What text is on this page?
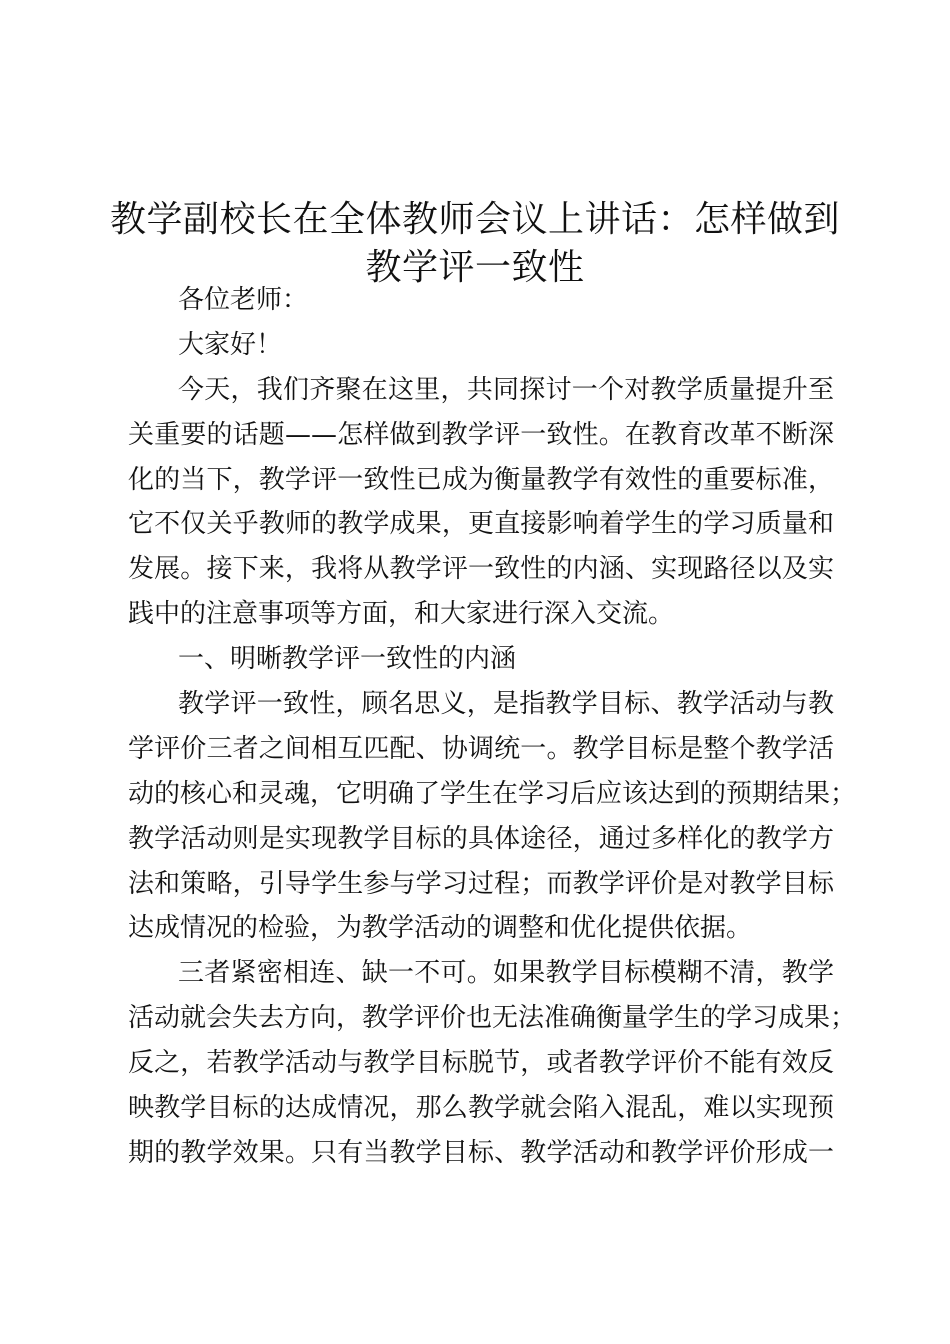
教学副校长在全体教师会议上讲话：怎样做到
教学评一致性
各位老师：
大家好！
今天，我们齐聚在这里，共同探讨一个对教学质量提升至
关重要的话题——怎样做到教学评一致性。在教育改革不断深
化的当下，教学评一致性已成为衡量教学有效性的重要标准，
它不仅关乎教师的教学成果，更直接影响着学生的学习质量和
发展。接下来，我将从教学评一致性的内涵、实现路径以及实
践中的注意事项等方面，和大家进行深入交流。
一、明晰教学评一致性的内涵
教学评一致性，顾名思义，是指教学目标、教学活动与教
学评价三者之间相互匹配、协调统一。教学目标是整个教学活
动的核心和灵魂，它明确了学生在学习后应该达到的预期结果；
教学活动则是实现教学目标的具体途径，通过多样化的教学方
法和策略，引导学生参与学习过程；而教学评价是对教学目标
达成情况的检验，为教学活动的调整和优化提供依据。
三者紧密相连、缺一不可。如果教学目标模糊不清，教学
活动就会失去方向，教学评价也无法准确衡量学生的学习成果；
反之，若教学活动与教学目标脱节，或者教学评价不能有效反
映教学目标的达成情况，那么教学就会陷入混乱，难以实现预
期的教学效果。只有当教学目标、教学活动和教学评价形成一
